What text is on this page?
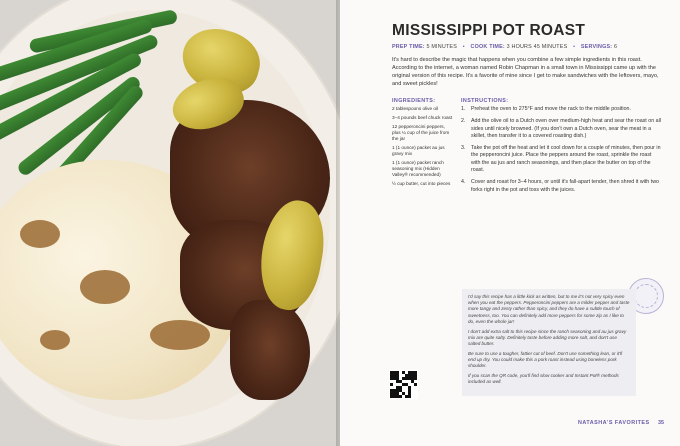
MISSISSIPPI POT ROAST
PREP TIME: 5 MINUTES • COOK TIME: 3 HOURS 45 MINUTES • SERVINGS: 6
It's hard to describe the magic that happens when you combine a few simple ingredients in this roast. According to the internet, a woman named Robin Chapman in a small town in Mississippi came up with the original version of this recipe. It's a favorite of mine since I get to make sandwiches with the leftovers, mayo, and sweet pickles!
INGREDIENTS:	INSTRUCTIONS:
2 tablespoons olive oil
3–4 pounds beef chuck roast
12 pepperoncini peppers, plus ¼ cup of the juice from the jar
1 (1 ounce) packet au jus gravy mix
1 (1 ounce) packet ranch seasoning mix (Hidden Valley® recommended)
½ cup butter, cut into pieces
1. Preheat the oven to 275°F and move the rack to the middle position.
2. Add the olive oil to a Dutch oven over medium-high heat and sear the roast on all sides until nicely browned. (If you don't own a Dutch oven, sear the meat in a skillet, then transfer it to a covered roasting dish.)
3. Take the pot off the heat and let it cool down for a couple of minutes, then pour in the pepperoncini juice. Place the peppers around the roast, sprinkle the roast with the au jus and ranch seasonings, and then place the butter on top of the roast.
4. Cover and roast for 3–4 hours, or until it's fall-apart tender, then shred it with two forks right in the pot and toss with the juices.

I'd say this recipe has a little kick as written, but to me it's not very spicy even when you eat the peppers. Pepperoncini peppers are a milder pepper and taste more tangy and zesty rather than spicy, and they do have a subtle touch of sweetness, too. You can definitely add more peppers for some zip as I like to do, even the whole jar!

I don't add extra salt to this recipe since the ranch seasoning and au jus gravy mix are quite salty. Definitely taste before adding more salt, and don't use salted butter.

Be sure to use a tougher, fattier cut of beef. Don't use something lean, or it'll end up dry. You could make this a pork roast instead using boneless pork shoulder.

If you scan the QR code, you'll find slow cooker and Instant Pot® methods included as well.

NATASHA'S FAVORITES 35
